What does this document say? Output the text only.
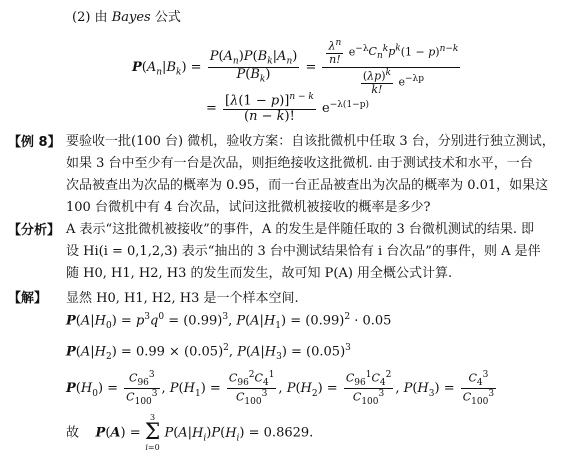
(2) 由 Bayes 公式
$P(A_n|B_k) = \frac{P(A_n)P(B_k|A_n)}{P(B_k)} = \frac{\frac{\lambda^n}{n!} e^{-\lambda}C_n^kp^k(1 - p)^{n-k}}{\frac{(\lambda p)^k}{k!} e^{-\lambda p}}$
= $\frac{[\lambda(1 - p)]^{n - k}}{(n - k)!} e^{-\lambda(1-p)}$
【例 8】 要验收一批(100 台) 微机，验收方案：自该批微机中任取 3 台，分别进行独立测试，
如果 3 台中至少有一台是次品，则拒绝接收这批微机. 由于测试技术和水平，一台
次品被查出为次品的概率为 0.95，而一台正品被查出为次品的概率为 0.01，如果这
100 台微机中有 4 台次品，试问这批微机被接收的概率是多少?
【分析】 A 表示“这批微机被接收”的事件，A 的发生是伴随任取的 3 台微机测试的结果. 即
设 Hi(i = 0,1,2,3) 表示“抽出的 3 台中测试结果恰有 i 台次品”的事件，则 A 是伴
随 H0, H1, H2, H3 的发生而发生，故可知 P(A) 用全概公式计算.
【解】 显然 H0, H1, H2, H3 是一个样本空间.
$P(A|H_0) = p^3q^0 = (0.99)^3$, $P(A|H_1) = (0.99)^2 \cdot 0.05$
$P(A|H_2) = 0.99 \times (0.05)^2$, $P(A|H_3) = (0.05)^3$
$P(H_0) = \frac{C_{96}^3}{C_{100}^3}$ , $P(H_1) = \frac{C_{96}^2C_4^1}{C_{100}^3}$ , $P(H_2) = \frac{C_{96}^1C_4^2}{C_{100}^3}$ , $P(H_3) = \frac{C_4^3}{C_{100}^3}$
故 P(A) =
3
Σ
i=0
$P(A|H_i)P(H_i) = 0.8629$.
